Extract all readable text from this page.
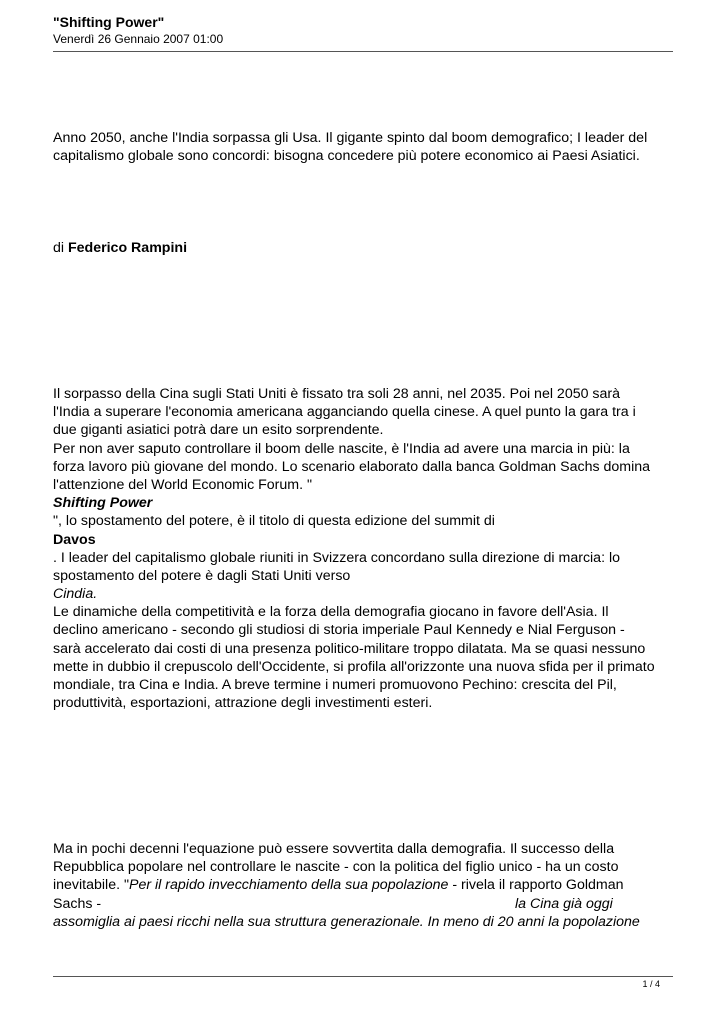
"Shifting Power"
Venerdì 26 Gennaio 2007 01:00
Anno 2050, anche l'India sorpassa gli Usa. Il gigante spinto dal boom demografico; I leader del
capitalismo globale sono concordi: bisogna concedere più potere economico ai Paesi Asiatici.
di Federico Rampini
Il sorpasso della Cina sugli Stati Uniti è fissato tra soli 28 anni, nel 2035. Poi nel 2050 sarà
l'India a superare l'economia americana agganciando quella cinese. A quel punto la gara tra i
due giganti asiatici potrà dare un esito sorprendente.
Per non aver saputo controllare il boom delle nascite, è l'India ad avere una marcia in più: la
forza lavoro più giovane del mondo. Lo scenario elaborato dalla banca Goldman Sachs domina
l'attenzione del World Economic Forum. "
Shifting Power
", lo spostamento del potere, è il titolo di questa edizione del summit di
Davos
. I leader del capitalismo globale riuniti in Svizzera concordano sulla direzione di marcia: lo
spostamento del potere è dagli Stati Uniti verso
Cindia.
Le dinamiche della competitività e la forza della demografia giocano in favore dell'Asia. Il
declino americano - secondo gli studiosi di storia imperiale Paul Kennedy e Nial Ferguson -
sarà accelerato dai costi di una presenza politico-militare troppo dilatata. Ma se quasi nessuno
mette in dubbio il crepuscolo dell'Occidente, si profila all'orizzonte una nuova sfida per il primato
mondiale, tra Cina e India. A breve termine i numeri promuovono Pechino: crescita del Pil,
produttività, esportazioni, attrazione degli investimenti esteri.
Ma in pochi decenni l'equazione può essere sovvertita dalla demografia. Il successo della
Repubblica popolare nel controllare le nascite - con la politica del figlio unico - ha un costo
inevitabile. "Per il rapido invecchiamento della sua popolazione - rivela il rapporto Goldman
Sachs -	la Cina già oggi
assomiglia ai paesi ricchi nella sua struttura generazionale. In meno di 20 anni la popolazione
1 / 4
